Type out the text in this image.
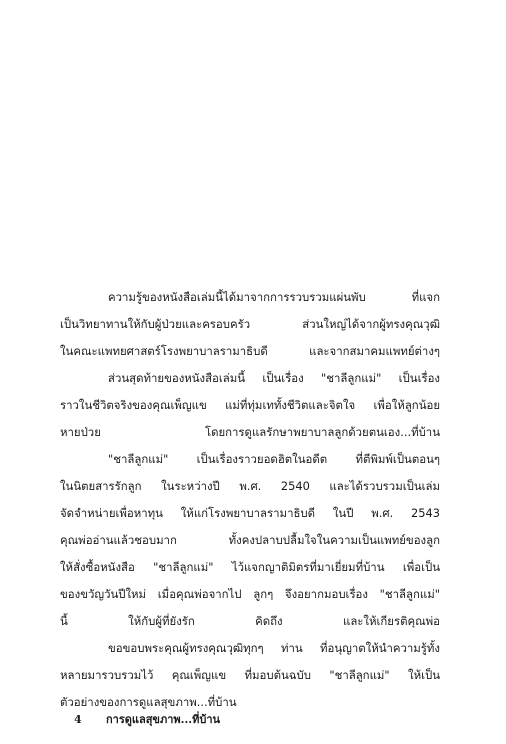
ความรู้ของหนังสือเล่มนี้ได้มาจากการรวบรวมแผ่นพับ ที่แจก
เป็นวิทยาทานให้กับผู้ป่วยและครอบครัว ส่วนใหญ่ได้จากผู้ทรงคุณวุฒิ
ในคณะแพทยศาสตร์โรงพยาบาลรามาธิบดี และจากสมาคมแพทย์ต่างๆ

ส่วนสุดท้ายของหนังสือเล่มนี้ เป็นเรื่อง "ชาลีลูกแม่" เป็นเรื่อง
ราวในชีวิตจริงของคุณเพ็ญแข แม่ที่ทุ่มเททั้งชีวิตและจิตใจ เพื่อให้ลูกน้อย
หายป่วย โดยการดูแลรักษาพยาบาลลูกด้วยตนเอง...ที่บ้าน

"ชาลีลูกแม่" เป็นเรื่องราวยอดฮิตในอดีต ที่ตีพิมพ์เป็นตอนๆ
ในนิตยสารรักลูก ในระหว่างปี พ.ศ. 2540 และได้รวบรวมเป็นเล่ม
จัดจำหน่ายเพื่อหาทุน ให้แก่โรงพยาบาลรามาธิบดี ในปี พ.ศ. 2543
คุณพ่ออ่านแล้วชอบมาก ทั้งคงปลาบปลื้มใจในความเป็นแพทย์ของลูก
ให้สั่งซื้อหนังสือ "ชาลีลูกแม่" ไว้แจกญาติมิตรที่มาเยี่ยมที่บ้าน เพื่อเป็น
ของขวัญวันปีใหม่ เมื่อคุณพ่อจากไป ลูกๆ จึงอยากมอบเรื่อง "ชาลีลูกแม่"
นี้ ให้กับผู้ที่ยังรัก คิดถึง และให้เกียรติคุณพ่อ

ขอขอบพระคุณผู้ทรงคุณวุฒิทุกๆ ท่าน ที่อนุญาตให้นำความรู้ทั้ง
หลายมารวบรวมไว้ คุณเพ็ญแข ที่มอบต้นฉบับ "ชาลีลูกแม่" ให้เป็น
ตัวอย่างของการดูแลสุขภาพ...ที่บ้าน

4 การดูแลสุขภาพ...ที่บ้าน
